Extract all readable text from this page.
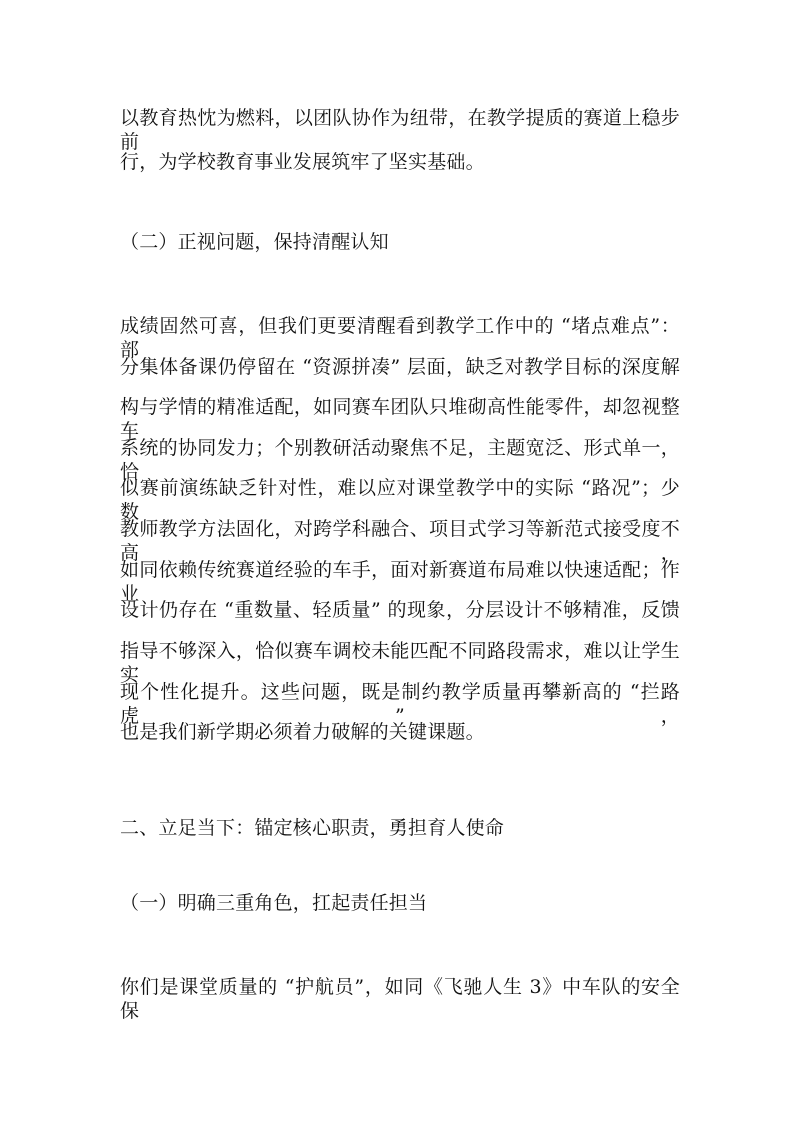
以教育热忱为燃料，以团队协作为纽带，在教学提质的赛道上稳步前
行，为学校教育事业发展筑牢了坚实基础。
（二）正视问题，保持清醒认知
成绩固然可喜，但我们更要清醒看到教学工作中的 “堵点难点”：部
分集体备课仍停留在 “资源拼凑” 层面，缺乏对教学目标的深度解
构与学情的精准适配，如同赛车团队只堆砌高性能零件，却忽视整车
系统的协同发力；个别教研活动聚焦不足，主题宽泛、形式单一，恰
似赛前演练缺乏针对性，难以应对课堂教学中的实际 “路况”；少数
教师教学方法固化，对跨学科融合、项目式学习等新范式接受度不高，
如同依赖传统赛道经验的车手，面对新赛道布局难以快速适配；作业
设计仍存在 “重数量、轻质量” 的现象，分层设计不够精准，反馈
指导不够深入，恰似赛车调校未能匹配不同路段需求，难以让学生实
现个性化提升。这些问题，既是制约教学质量再攀新高的 “拦路虎”，
也是我们新学期必须着力破解的关键课题。
二、立足当下：锚定核心职责，勇担育人使命
（一）明确三重角色，扛起责任担当
你们是课堂质量的 “护航员”，如同《飞驰人生 3》中车队的安全保
